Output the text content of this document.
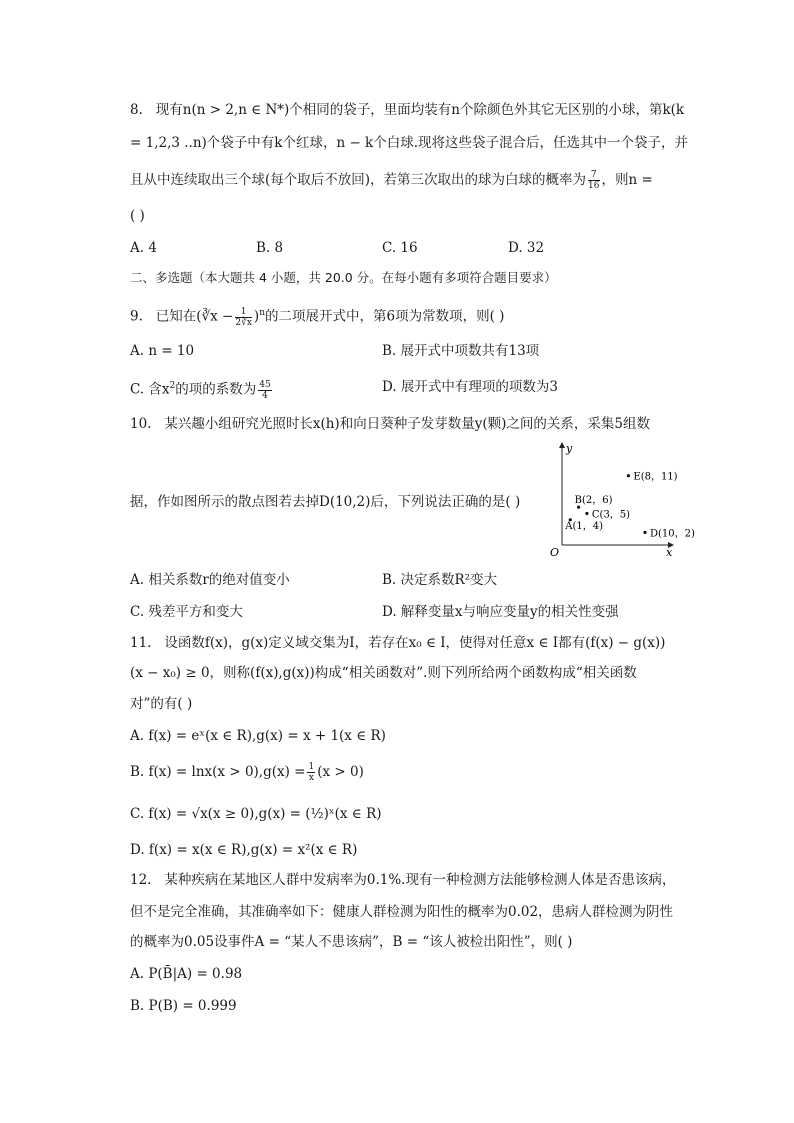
8. 现有n(n > 2,n ∈ N*)个相同的袋子，里面均装有n个除颜色外其它无区别的小球，第k(k
= 1,2,3 ..n)个袋子中有k个红球，n − k个白球.现将这些袋子混合后，任选其中一个袋子，并
且从中连续取出三个球(每个取后不放回)，若第三次取出的球为白球的概率为 $\frac{7}{16}$ ，则n =
( )
A. 4	B. 8	C. 16	D. 32
二、多选题（本大题共 4 小题，共 20.0 分。在每小题有多项符合题目要求）
9. 已知在(∛x − $\frac{1}{2∛x} )^n$的二项展开式中，第6项为常数项，则( )
A. n = 10	B. 展开式中项数共有13项
C. 含$x^2$的项的系数为 $\frac{45}{4}$	D. 展开式中有理项的项数为3
10. 某兴趣小组研究光照时长x(h)和向日葵种子发芽数量y(颗)之间的关系，采集5组数
据，作如图所示的散点图若去掉D(10,2)后，下列说法正确的是( )
y
x
O
A(1，4)
B(2，6)
C(3，5)
D(10，2)
E(8，11)
A. 相关系数r的绝对值变小	B. 决定系数R²变大
C. 残差平方和变大	D. 解释变量x与响应变量y的相关性变强
11. 设函数f(x)，g(x)定义域交集为I，若存在x₀ ∈ I，使得对任意x ∈ I都有(f(x) − g(x))
(x − x₀) ≥ 0，则称(f(x),g(x))构成“相关函数对”.则下列所给两个函数构成“相关函数
对”的有( )
A. f(x) = eˣ(x ∈ R),g(x) = x + 1(x ∈ R)
B. $f(x) = \ln x(x > 0),g(x) = \frac{1}{x} (x > 0)$
C. f(x) = √x(x ≥ 0),g(x) = (½)ˣ(x ∈ R)
D. f(x) = x(x ∈ R),g(x) = x²(x ∈ R)
12. 某种疾病在某地区人群中发病率为0.1%.现有一种检测方法能够检测人体是否患该病，
但不是完全准确，其准确率如下：健康人群检测为阳性的概率为0.02，患病人群检测为阴性
的概率为0.05设事件A = “某人不患该病”，B = “该人被检出阳性”，则( )
A. P(B̄|A) = 0.98
B. P(B) = 0.999
